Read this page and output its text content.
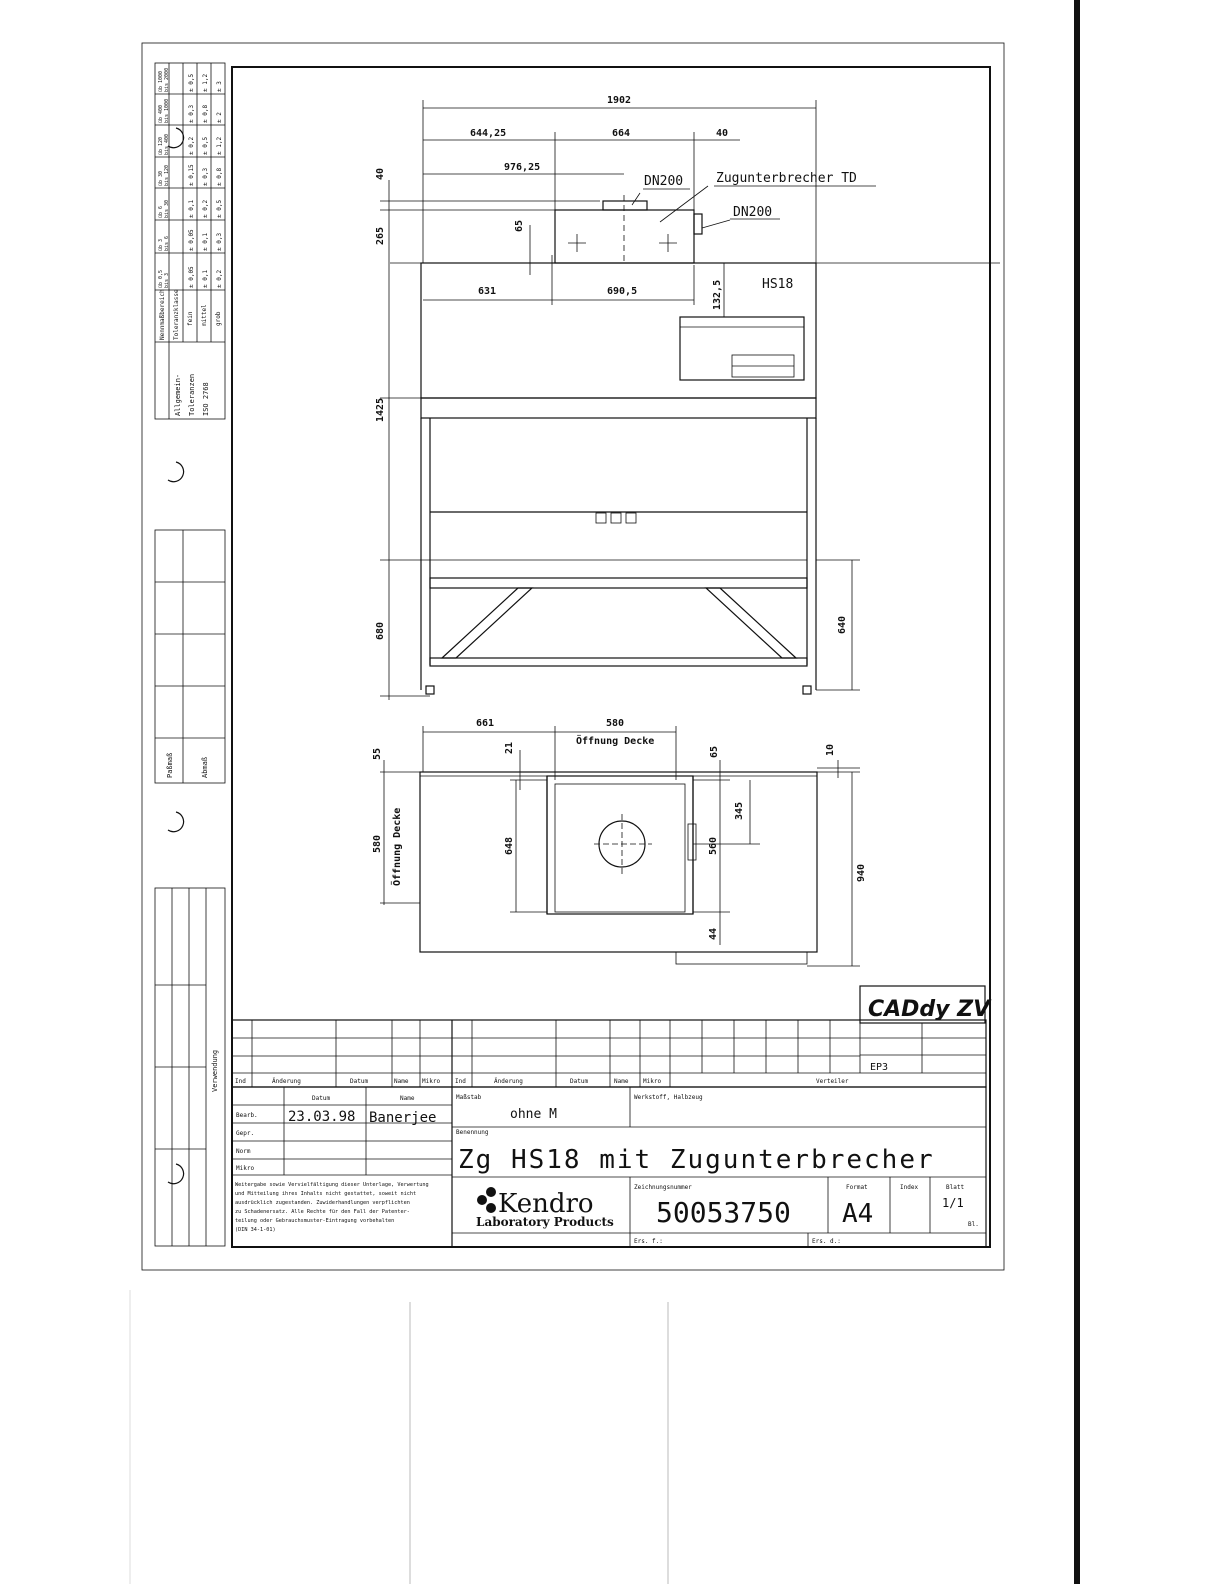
Allgemein- Toleranzen ISO 2768
Nennmaßbereich Toleranzklasse fein mittel grob
üb 0,5 bis 3	± 0,05 ± 0,1 ± 0,2
üb 3 bis 6	± 0,05 ± 0,1 ± 0,3
üb 6 bis 30	± 0,1 ± 0,2 ± 0,5
üb 30 bis 120	± 0,15 ± 0,3 ± 0,8
üb 120 bis 400	± 0,2 ± 0,5 ± 1,2
üb 400 bis 1000	± 0,3 ± 0,8 ± 2
üb 1000 bis 2000	± 0,5 ± 1,2 ± 3
Paßmaß	Abmaß
Verwendung
1902
644,25	664	40
976,25
40
265
65
631	690,5	132,5
1425
680	640
DN200	Zugunterbrecher TD
DN200
HS18
661	580
Öffnung Decke
55	21	65	10
580 Öffnung Decke	648
345
560
940
44
CADdy ZV
EP3
Ind	Änderung	Datum	Name Mikro Ind	Änderung	Datum	Name Mikro	Verteiler
Datum	Name
Bearb. 23.03.98 Banerjee
Gepr.
Norm
Mikro
Maßstab
ohne M
Werkstoff, Halbzeug
Benennung
Zg HS18 mit Zugunterbrecher
Weitergabe sowie Vervielfältigung dieser Unterlage, Verwertung
und Mitteilung ihres Inhalts nicht gestattet, soweit nicht
ausdrücklich zugestanden. Zuwiderhandlungen verpflichten
zu Schadenersatz. Alle Rechte für den Fall der Patenter-
teilung oder Gebrauchsmuster-Eintragung vorbehalten
(DIN 34-1-01)
Kendro
Laboratory Products
Zeichnungsnummer
50053750
Format
A4
Index	Blatt
1/1
Bl.
Ers. f.:	Ers. d.:
